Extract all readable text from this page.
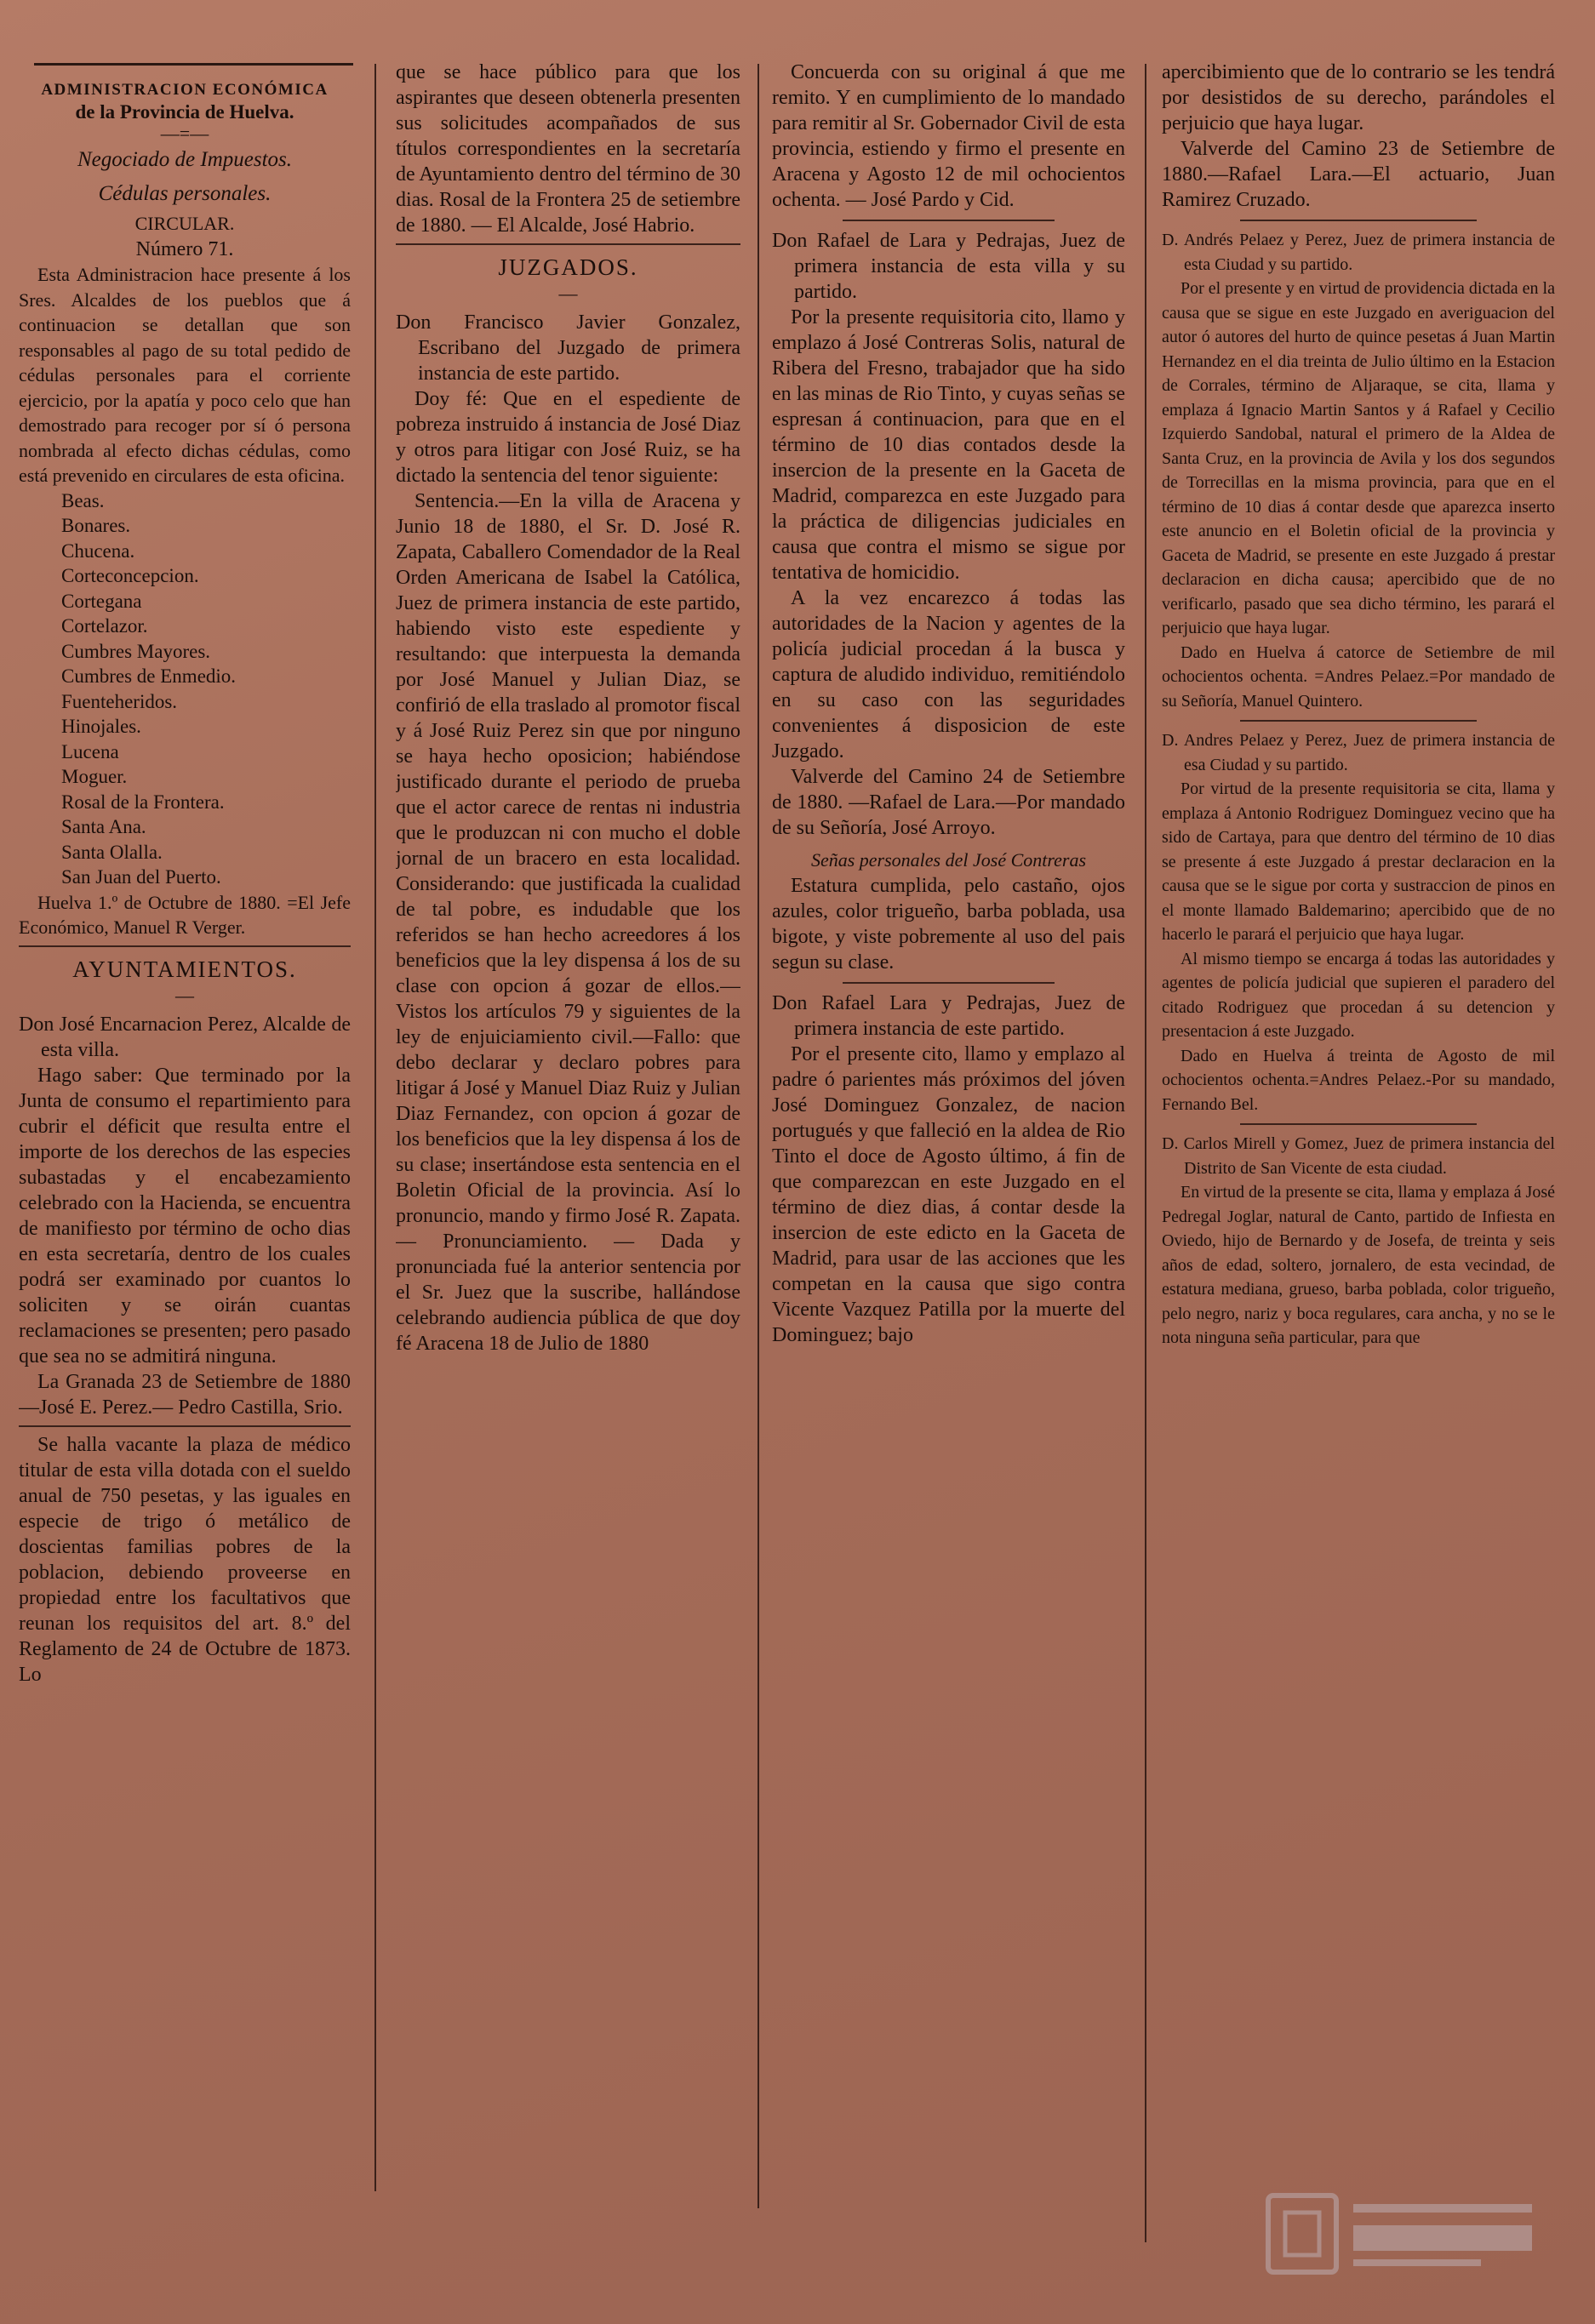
ADMINISTRACION ECONÓMICA

de la Provincia de Huelva.

—=—

Negociado de Impuestos.

Cédulas personales.

CIRCULAR.

Número 71.

Esta Administracion hace presente á los Sres. Alcaldes de los pueblos que á continuacion se detallan que son responsables al pago de su total pedido de cédulas personales para el corriente ejercicio, por la apatía y poco celo que han demostrado para recoger por sí ó persona nombrada al efecto dichas cédulas, como está prevenido en circulares de esta oficina.

Beas.
Bonares.
Chucena.
Corteconcepcion.
Cortegana
Cortelazor.
Cumbres Mayores.
Cumbres de Enmedio.
Fuenteheridos.
Hinojales.
Lucena
Moguer.
Rosal de la Frontera.
Santa Ana.
Santa Olalla.
San Juan del Puerto.

Huelva 1.º de Octubre de 1880. =El Jefe Económico, Manuel R Verger.

AYUNTAMIENTOS.

—

Don José Encarnacion Perez, Alcalde de esta villa.

Hago saber: Que terminado por la Junta de consumo el repartimiento para cubrir el déficit que resulta entre el importe de los derechos de las especies subastadas y el encabezamiento celebrado con la Hacienda, se encuentra de manifiesto por término de ocho dias en esta secretaría, dentro de los cuales podrá ser examinado por cuantos lo soliciten y se oirán cuantas reclamaciones se presenten; pero pasado que sea no se admitirá ninguna.

La Granada 23 de Setiembre de 1880 —José E. Perez.— Pedro Castilla, Srio.

Se halla vacante la plaza de médico titular de esta villa dotada con el sueldo anual de 750 pesetas, y las iguales en especie de trigo ó metálico de doscientas familias pobres de la poblacion, debiendo proveerse en propiedad entre los facultativos que reunan los requisitos del art. 8.º del Reglamento de 24 de Octubre de 1873. Lo

que se hace público para que los aspirantes que deseen obtenerla presenten sus solicitudes acompañados de sus títulos correspondientes en la secretaría de Ayuntamiento dentro del término de 30 dias. Rosal de la Frontera 25 de setiembre de 1880. — El Alcalde, José Habrio.

JUZGADOS.

—

Don Francisco Javier Gonzalez, Escribano del Juzgado de primera instancia de este partido.

Doy fé: Que en el espediente de pobreza instruido á instancia de José Diaz y otros para litigar con José Ruiz, se ha dictado la sentencia del tenor siguiente:

Sentencia.—En la villa de Aracena y Junio 18 de 1880, el Sr. D. José R. Zapata, Caballero Comendador de la Real Orden Americana de Isabel la Católica, Juez de primera instancia de este partido, habiendo visto este espediente y resultando: que interpuesta la demanda por José Manuel y Julian Diaz, se confirió de ella traslado al promotor fiscal y á José Ruiz Perez sin que por ninguno se haya hecho oposicion; habiéndose justificado durante el periodo de prueba que el actor carece de rentas ni industria que le produzcan ni con mucho el doble jornal de un bracero en esta localidad. Considerando: que justificada la cualidad de tal pobre, es indudable que los referidos se han hecho acreedores á los beneficios que la ley dispensa á los de su clase con opcion á gozar de ellos.—Vistos los artículos 79 y siguientes de la ley de enjuiciamiento civil.—Fallo: que debo declarar y declaro pobres para litigar á José y Manuel Diaz Ruiz y Julian Diaz Fernandez, con opcion á gozar de los beneficios que la ley dispensa á los de su clase; insertándose esta sentencia en el Boletin Oficial de la provincia. Así lo pronuncio, mando y firmo José R. Zapata.— Pronunciamiento. — Dada y pronunciada fué la anterior sentencia por el Sr. Juez que la suscribe, hallándose celebrando audiencia pública de que doy fé Aracena 18 de Julio de 1880

Concuerda con su original á que me remito. Y en cumplimiento de lo mandado para remitir al Sr. Gobernador Civil de esta provincia, estiendo y firmo el presente en Aracena y Agosto 12 de mil ochocientos ochenta. — José Pardo y Cid.

Don Rafael de Lara y Pedrajas, Juez de primera instancia de esta villa y su partido.

Por la presente requisitoria cito, llamo y emplazo á José Contreras Solis, natural de Ribera del Fresno, trabajador que ha sido en las minas de Rio Tinto, y cuyas señas se espresan á continuacion, para que en el término de 10 dias contados desde la insercion de la presente en la Gaceta de Madrid, comparezca en este Juzgado para la práctica de diligencias judiciales en causa que contra el mismo se sigue por tentativa de homicidio.

A la vez encarezco á todas las autoridades de la Nacion y agentes de la policía judicial procedan á la busca y captura de aludido individuo, remitiéndolo en su caso con las seguridades convenientes á disposicion de este Juzgado.

Valverde del Camino 24 de Setiembre de 1880. —Rafael de Lara.—Por mandado de su Señoría, José Arroyo.

Señas personales del José Contreras

Estatura cumplida, pelo castaño, ojos azules, color trigueño, barba poblada, usa bigote, y viste pobremente al uso del pais segun su clase.

Don Rafael Lara y Pedrajas, Juez de primera instancia de este partido.

Por el presente cito, llamo y emplazo al padre ó parientes más próximos del jóven José Dominguez Gonzalez, de nacion portugués y que falleció en la aldea de Rio Tinto el doce de Agosto último, á fin de que comparezcan en este Juzgado en el término de diez dias, á contar desde la insercion de este edicto en la Gaceta de Madrid, para usar de las acciones que les competan en la causa que sigo contra Vicente Vazquez Patilla por la muerte del Dominguez; bajo

apercibimiento que de lo contrario se les tendrá por desistidos de su derecho, parándoles el perjuicio que haya lugar.

Valverde del Camino 23 de Setiembre de 1880.—Rafael Lara.—El actuario, Juan Ramirez Cruzado.

D. Andrés Pelaez y Perez, Juez de primera instancia de esta Ciudad y su partido.

Por el presente y en virtud de providencia dictada en la causa que se sigue en este Juzgado en averiguacion del autor ó autores del hurto de quince pesetas á Juan Martin Hernandez en el dia treinta de Julio último en la Estacion de Corrales, término de Aljaraque, se cita, llama y emplaza á Ignacio Martin Santos y á Rafael y Cecilio Izquierdo Sandobal, natural el primero de la Aldea de Santa Cruz, en la provincia de Avila y los dos segundos de Torrecillas en la misma provincia, para que en el término de 10 dias á contar desde que aparezca inserto este anuncio en el Boletin oficial de la provincia y Gaceta de Madrid, se presente en este Juzgado á prestar declaracion en dicha causa; apercibido que de no verificarlo, pasado que sea dicho término, les parará el perjuicio que haya lugar.

Dado en Huelva á catorce de Setiembre de mil ochocientos ochenta. =Andres Pelaez.=Por mandado de su Señoría, Manuel Quintero.

D. Andres Pelaez y Perez, Juez de primera instancia de esa Ciudad y su partido.

Por virtud de la presente requisitoria se cita, llama y emplaza á Antonio Rodriguez Dominguez vecino que ha sido de Cartaya, para que dentro del término de 10 dias se presente á este Juzgado á prestar declaracion en la causa que se le sigue por corta y sustraccion de pinos en el monte llamado Baldemarino; apercibido que de no hacerlo le parará el perjuicio que haya lugar.

Al mismo tiempo se encarga á todas las autoridades y agentes de policía judicial que supieren el paradero del citado Rodriguez que procedan á su detencion y presentacion á este Juzgado.

Dado en Huelva á treinta de Agosto de mil ochocientos ochenta.=Andres Pelaez.-Por su mandado, Fernando Bel.

D. Carlos Mirell y Gomez, Juez de primera instancia del Distrito de San Vicente de esta ciudad.

En virtud de la presente se cita, llama y emplaza á José Pedregal Joglar, natural de Canto, partido de Infiesta en Oviedo, hijo de Bernardo y de Josefa, de treinta y seis años de edad, soltero, jornalero, de esta vecindad, de estatura mediana, grueso, barba poblada, color trigueño, pelo negro, nariz y boca regulares, cara ancha, y no se le nota ninguna seña particular, para que
